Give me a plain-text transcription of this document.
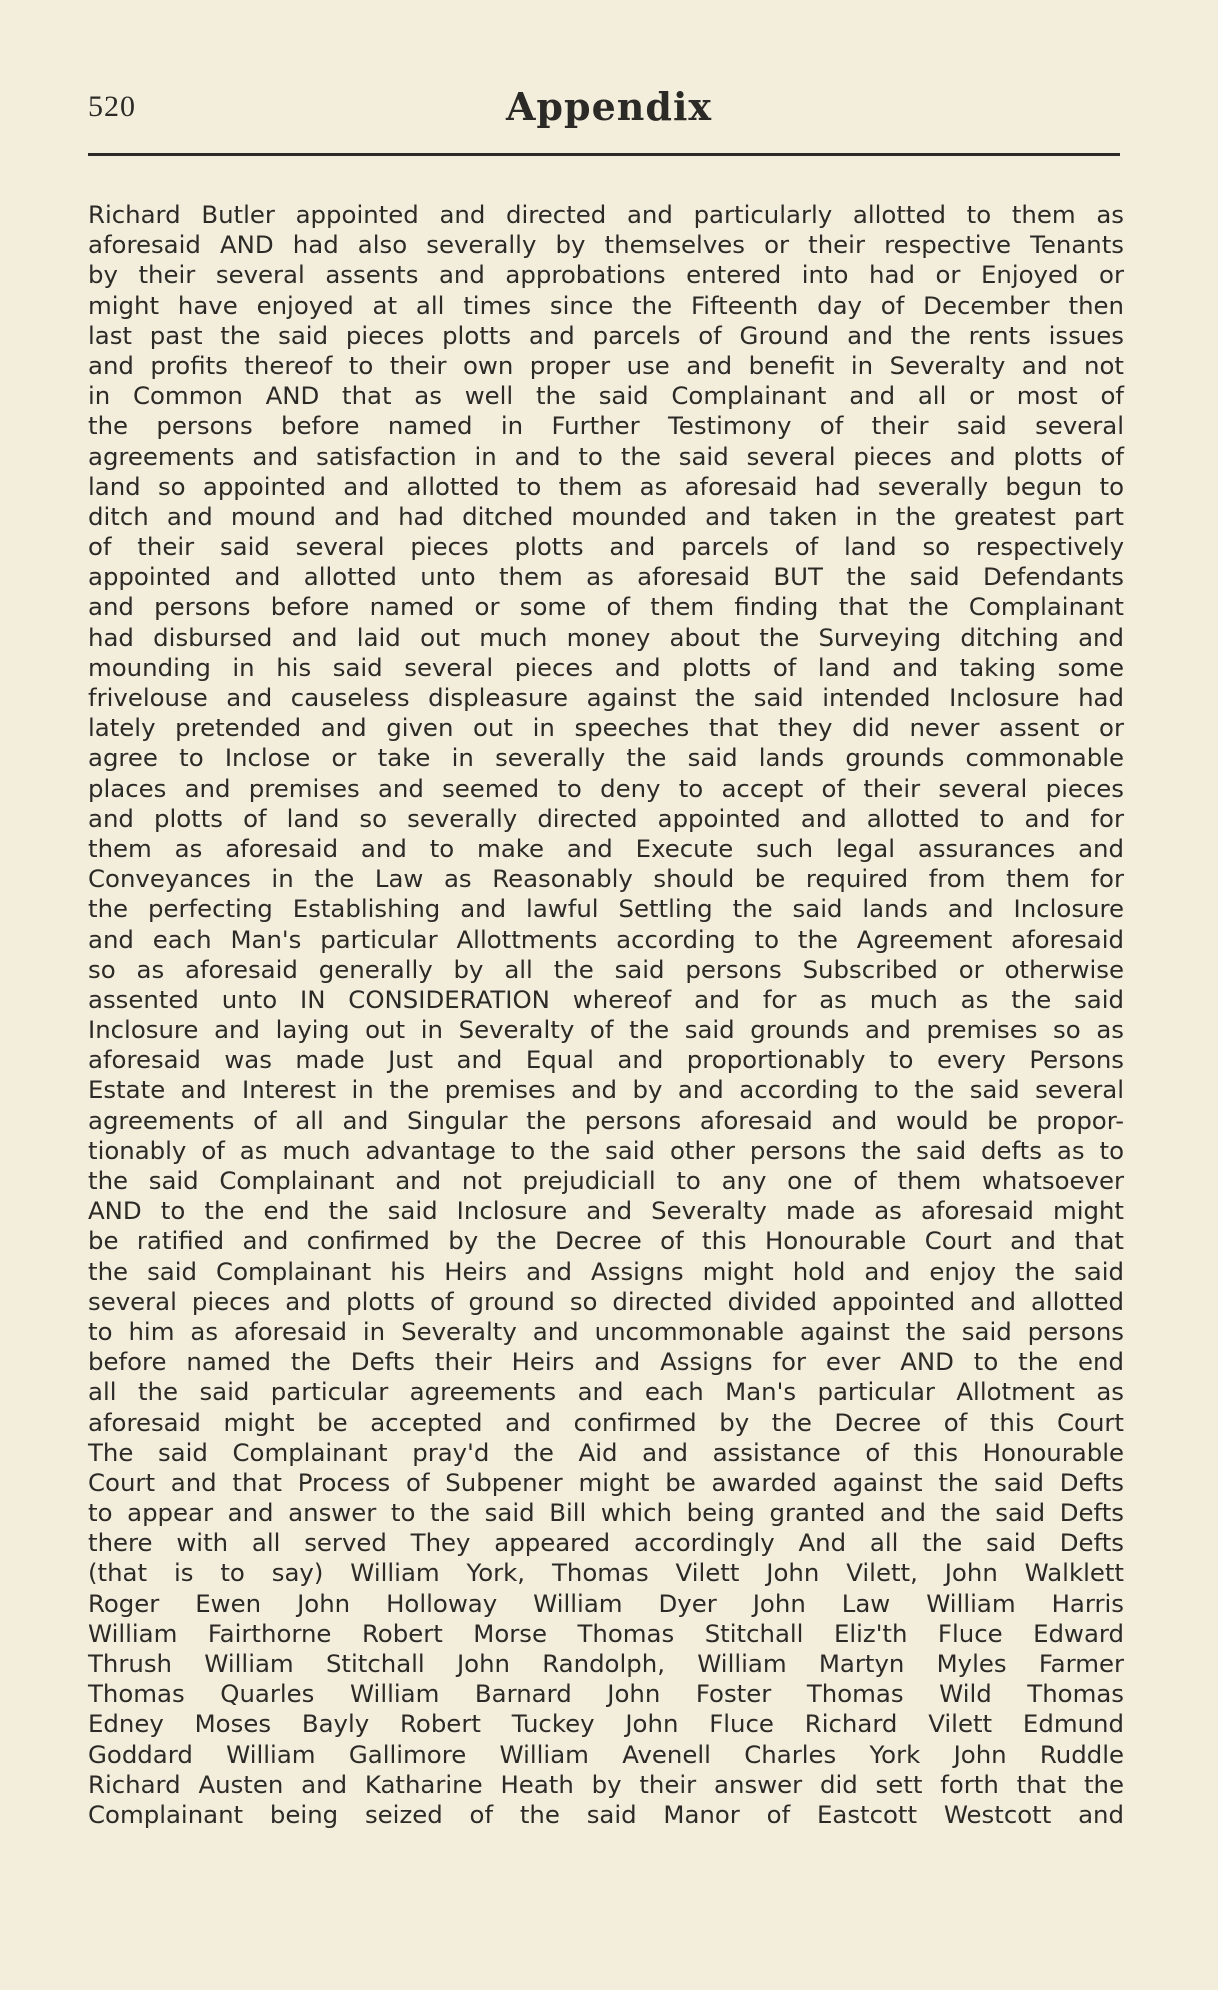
520	Appendix
Richard Butler appointed and directed and particularly allotted to them as
aforesaid AND had also severally by themselves or their respective Tenants
by their several assents and approbations entered into had or Enjoyed or
might have enjoyed at all times since the Fifteenth day of December then
last past the said pieces plotts and parcels of Ground and the rents issues
and profits thereof to their own proper use and benefit in Severalty and not
in Common AND that as well the said Complainant and all or most of
the persons before named in Further Testimony of their said several
agreements and satisfaction in and to the said several pieces and plotts of
land so appointed and allotted to them as aforesaid had severally begun to
ditch and mound and had ditched mounded and taken in the greatest part
of their said several pieces plotts and parcels of land so respectively
appointed and allotted unto them as aforesaid BUT the said Defendants
and persons before named or some of them finding that the Complainant
had disbursed and laid out much money about the Surveying ditching and
mounding in his said several pieces and plotts of land and taking some
frivelouse and causeless displeasure against the said intended Inclosure had
lately pretended and given out in speeches that they did never assent or
agree to Inclose or take in severally the said lands grounds commonable
places and premises and seemed to deny to accept of their several pieces
and plotts of land so severally directed appointed and allotted to and for
them as aforesaid and to make and Execute such legal assurances and
Conveyances in the Law as Reasonably should be required from them for
the perfecting Establishing and lawful Settling the said lands and Inclosure
and each Man's particular Allottments according to the Agreement aforesaid
so as aforesaid generally by all the said persons Subscribed or otherwise
assented unto IN CONSIDERATION whereof and for as much as the said
Inclosure and laying out in Severalty of the said grounds and premises so as
aforesaid was made Just and Equal and proportionably to every Persons
Estate and Interest in the premises and by and according to the said several
agreements of all and Singular the persons aforesaid and would be propor-
tionably of as much advantage to the said other persons the said defts as to
the said Complainant and not prejudiciall to any one of them whatsoever
AND to the end the said Inclosure and Severalty made as aforesaid might
be ratified and confirmed by the Decree of this Honourable Court and that
the said Complainant his Heirs and Assigns might hold and enjoy the said
several pieces and plotts of ground so directed divided appointed and allotted
to him as aforesaid in Severalty and uncommonable against the said persons
before named the Defts their Heirs and Assigns for ever AND to the end
all the said particular agreements and each Man's particular Allotment as
aforesaid might be accepted and confirmed by the Decree of this Court
The said Complainant pray'd the Aid and assistance of this Honourable
Court and that Process of Subpener might be awarded against the said Defts
to appear and answer to the said Bill which being granted and the said Defts
there with all served They appeared accordingly And all the said Defts
(that is to say) William York, Thomas Vilett John Vilett, John Walklett
Roger Ewen John Holloway William Dyer John Law William Harris
William Fairthorne Robert Morse Thomas Stitchall Eliz'th Fluce Edward
Thrush William Stitchall John Randolph, William Martyn Myles Farmer
Thomas Quarles William Barnard John Foster Thomas Wild Thomas
Edney Moses Bayly Robert Tuckey John Fluce Richard Vilett Edmund
Goddard William Gallimore William Avenell Charles York John Ruddle
Richard Austen and Katharine Heath by their answer did sett forth that the
Complainant being seized of the said Manor of Eastcott Westcott and
